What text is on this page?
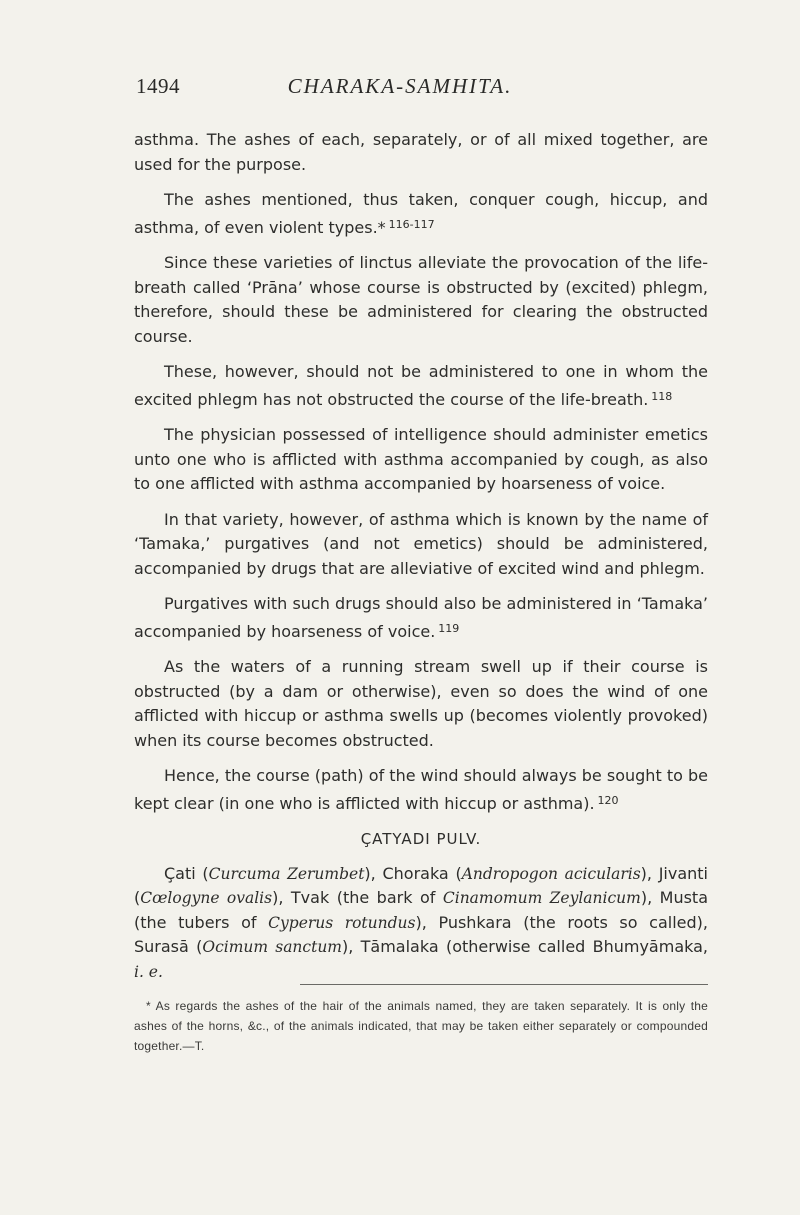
1494	CHARAKA-SAMHITA.

asthma. The ashes of each, separately, or of all mixed together, are used for the purpose.

The ashes mentioned, thus taken, conquer cough, hiccup, and asthma, of even violent types.* $^{116-117}$

Since these varieties of linctus alleviate the provocation of the life-breath called ‘Prāna’ whose course is obstructed by (excited) phlegm, therefore, should these be administered for clearing the obstructed course.

These, however, should not be administered to one in whom the excited phlegm has not obstructed the course of the life-breath. $^{118}$

The physician possessed of intelligence should administer emetics unto one who is afflicted with asthma accompanied by cough, as also to one afflicted with asthma accompanied by hoarseness of voice.

In that variety, however, of asthma which is known by the name of ‘Tamaka,’ purgatives (and not emetics) should be administered, accompanied by drugs that are alleviative of excited wind and phlegm.

Purgatives with such drugs should also be administered in ‘Tamaka’ accompanied by hoarseness of voice. $^{119}$

As the waters of a running stream swell up if their course is obstructed (by a dam or otherwise), even so does the wind of one afflicted with hiccup or asthma swells up (becomes violently provoked) when its course becomes obstructed.

Hence, the course (path) of the wind should always be sought to be kept clear (in one who is afflicted with hiccup or asthma). $^{120}$

ÇATYADI PULV.

Çati (Curcuma Zerumbet), Choraka (Andropogon acicularis), Jivanti (Cœlogyne ovalis), Tvak (the bark of Cinamomum Zeylanicum), Musta (the tubers of Cyperus rotundus), Pushkara (the roots so called), Surasā (Ocimum sanctum), Tāmalaka (otherwise called Bhumyāmaka, i. e.

* As regards the ashes of the hair of the animals named, they are taken separately. It is only the ashes of the horns, &c., of the animals indicated, that may be taken either separately or compounded together.—T.
